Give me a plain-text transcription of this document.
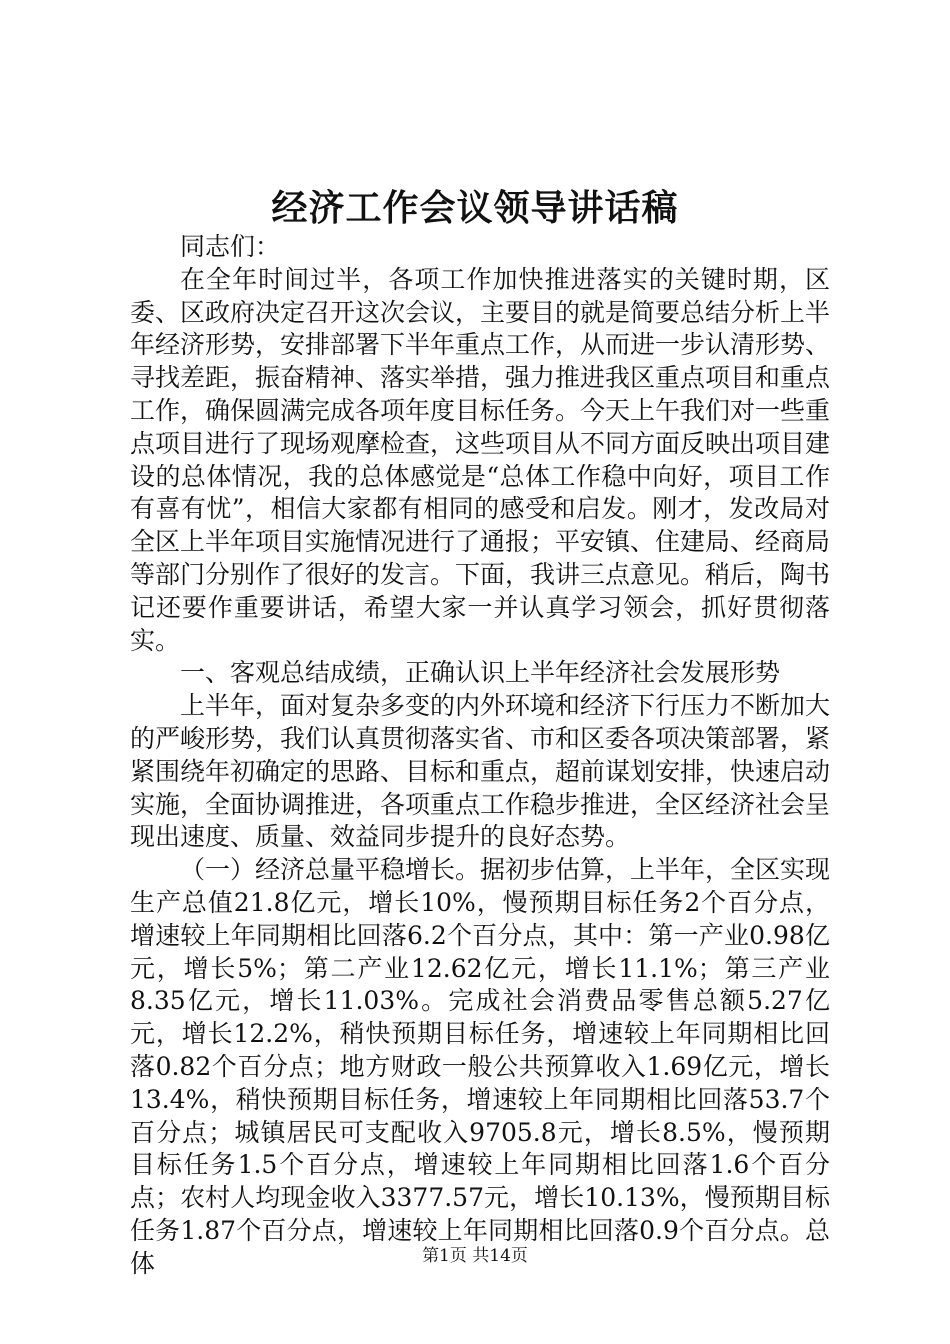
经济工作会议领导讲话稿

同志们：

在全年时间过半，各项工作加快推进落实的关键时期，区委、区政府决定召开这次会议，主要目的就是简要总结分析上半年经济形势，安排部署下半年重点工作，从而进一步认清形势、寻找差距，振奋精神、落实举措，强力推进我区重点项目和重点工作，确保圆满完成各项年度目标任务。今天上午我们对一些重点项目进行了现场观摩检查，这些项目从不同方面反映出项目建设的总体情况，我的总体感觉是“总体工作稳中向好，项目工作有喜有忧”，相信大家都有相同的感受和启发。刚才，发改局对全区上半年项目实施情况进行了通报；平安镇、住建局、经商局等部门分别作了很好的发言。下面，我讲三点意见。稍后，陶书记还要作重要讲话，希望大家一并认真学习领会，抓好贯彻落实。

一、客观总结成绩，正确认识上半年经济社会发展形势

上半年，面对复杂多变的内外环境和经济下行压力不断加大的严峻形势，我们认真贯彻落实省、市和区委各项决策部署，紧紧围绕年初确定的思路、目标和重点，超前谋划安排，快速启动实施，全面协调推进，各项重点工作稳步推进，全区经济社会呈现出速度、质量、效益同步提升的良好态势。

（一）经济总量平稳增长。据初步估算，上半年，全区实现生产总值21.8亿元，增长10%，慢预期目标任务2个百分点，增速较上年同期相比回落6.2个百分点，其中：第一产业0.98亿元，增长5%；第二产业12.62亿元，增长11.1%；第三产业8.35亿元，增长11.03%。完成社会消费品零售总额5.27亿元，增长12.2%，稍快预期目标任务，增速较上年同期相比回落0.82个百分点；地方财政一般公共预算收入1.69亿元，增长13.4%，稍快预期目标任务，增速较上年同期相比回落53.7个百分点；城镇居民可支配收入9705.8元，增长8.5%，慢预期目标任务1.5个百分点，增速较上年同期相比回落1.6个百分点；农村人均现金收入3377.57元，增长10.13%，慢预期目标任务1.87个百分点，增速较上年同期相比回落0.9个百分点。总体	第1页 共14页
